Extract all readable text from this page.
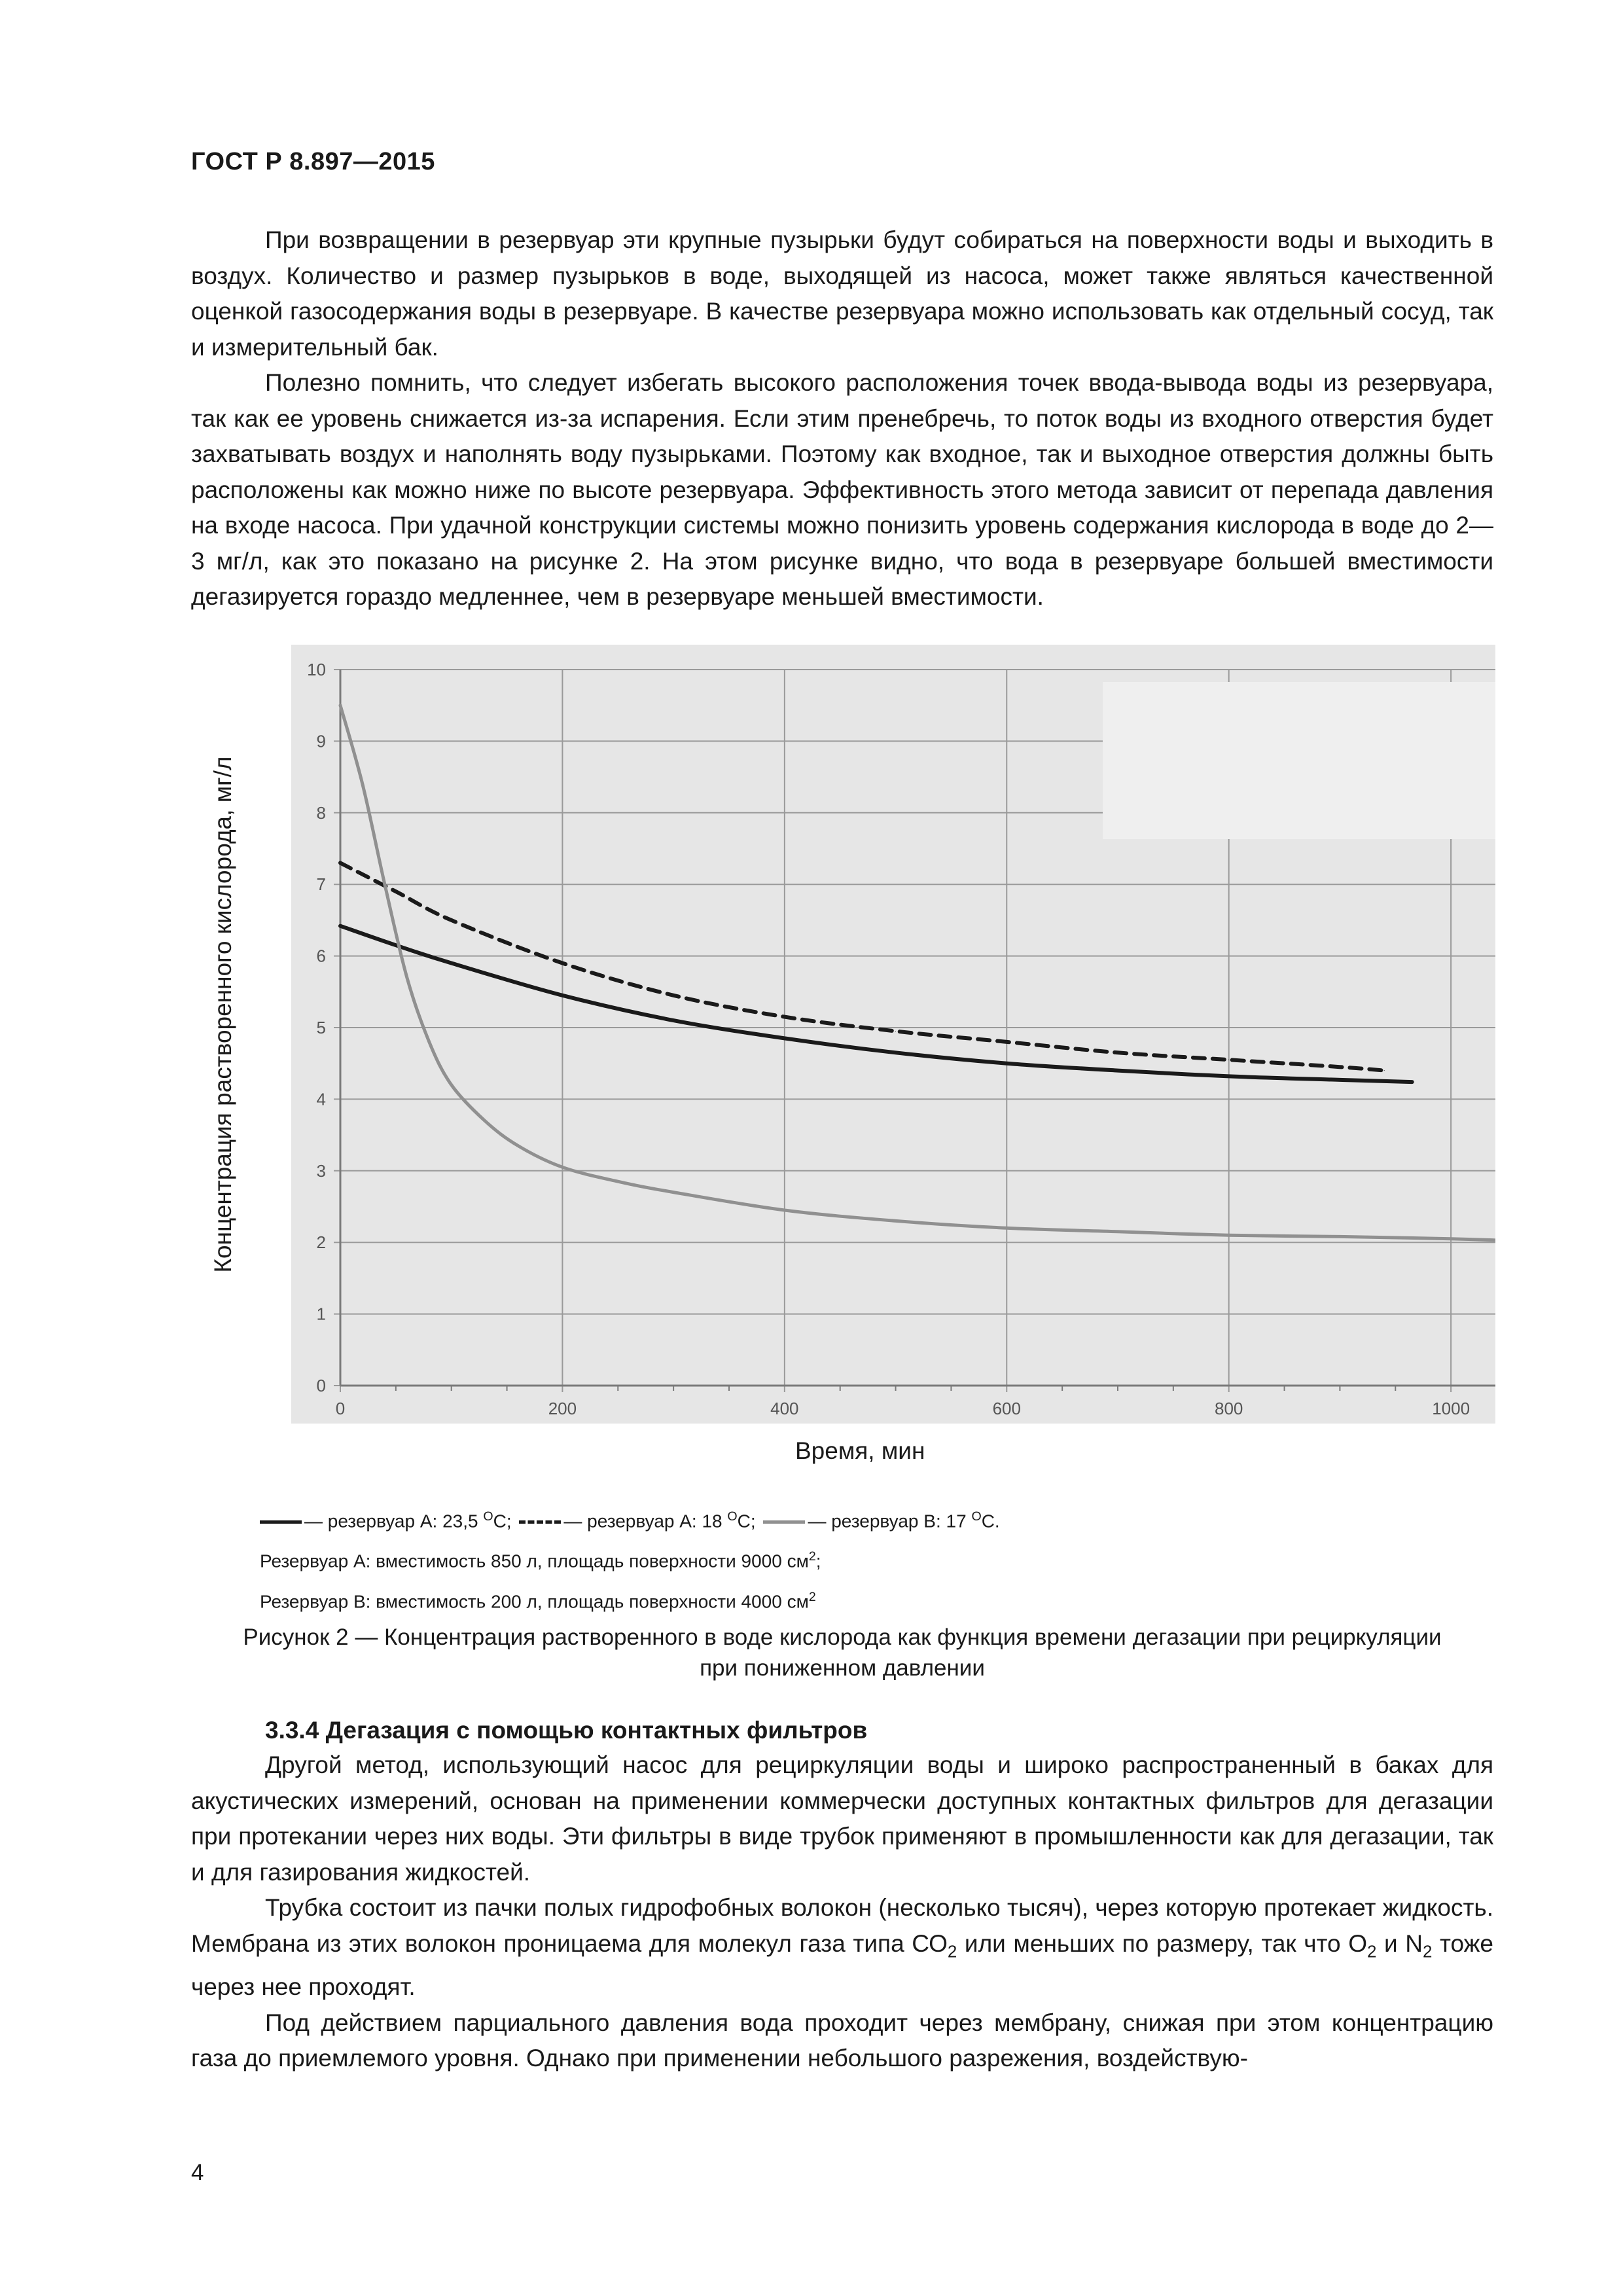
ГОСТ Р 8.897—2015

При возвращении в резервуар эти крупные пузырьки будут собираться на поверхности воды и выходить в воздух. Количество и размер пузырьков в воде, выходящей из насоса, может также являться качественной оценкой газосодержания воды в резервуаре. В качестве резервуара можно использовать как отдельный сосуд, так и измерительный бак.

Полезно помнить, что следует избегать высокого расположения точек ввода-вывода воды из резервуара, так как ее уровень снижается из-за испарения. Если этим пренебречь, то поток воды из входного отверстия будет захватывать воздух и наполнять воду пузырьками. Поэтому как входное, так и выходное отверстия должны быть расположены как можно ниже по высоте резервуара. Эффективность этого метода зависит от перепада давления на входе насоса. При удачной конструкции системы можно понизить уровень содержания кислорода в воде до 2—3 мг/л, как это показано на рисунке 2. На этом рисунке видно, что вода в резервуаре большей вместимости дегазируется гораздо медленнее, чем в резервуаре меньшей вместимости.

0
1
2
3
4
5
6
7
8
9
10
0	200	400	600	800	1000
Концентрация растворенного кислорода, мг/л
Время, мин
— резервуар А: 23,5 $^О$С;	— резервуар А: 18 $^О$С;	— резервуар В: 17 $^О$С.
Резервуар А: вместимость 850 л, площадь поверхности 9000 $см^2$;
Резервуар В: вместимость 200 л, площадь поверхности 4000 $см^2$
Рисунок 2 — Концентрация растворенного в воде кислорода как функция времени дегазации при рециркуляции
при пониженном давлении
3.3.4 Дегазация с помощью контактных фильтров

Другой метод, использующий насос для рециркуляции воды и широко распространенный в баках для акустических измерений, основан на применении коммерчески доступных контактных фильтров для дегазации при протекании через них воды. Эти фильтры в виде трубок применяют в промышленности как для дегазации, так и для газирования жидкостей.

Трубка состоит из пачки полых гидрофобных волокон (несколько тысяч), через которую протекает жидкость. Мембрана из этих волокон проницаема для молекул газа типа $СО_2$ или меньших по размеру, так что $О_2$ и $N_2$ тоже через нее проходят.

Под действием парциального давления вода проходит через мембрану, снижая при этом концентрацию газа до приемлемого уровня. Однако при применении небольшого разрежения, воздействую-

4
